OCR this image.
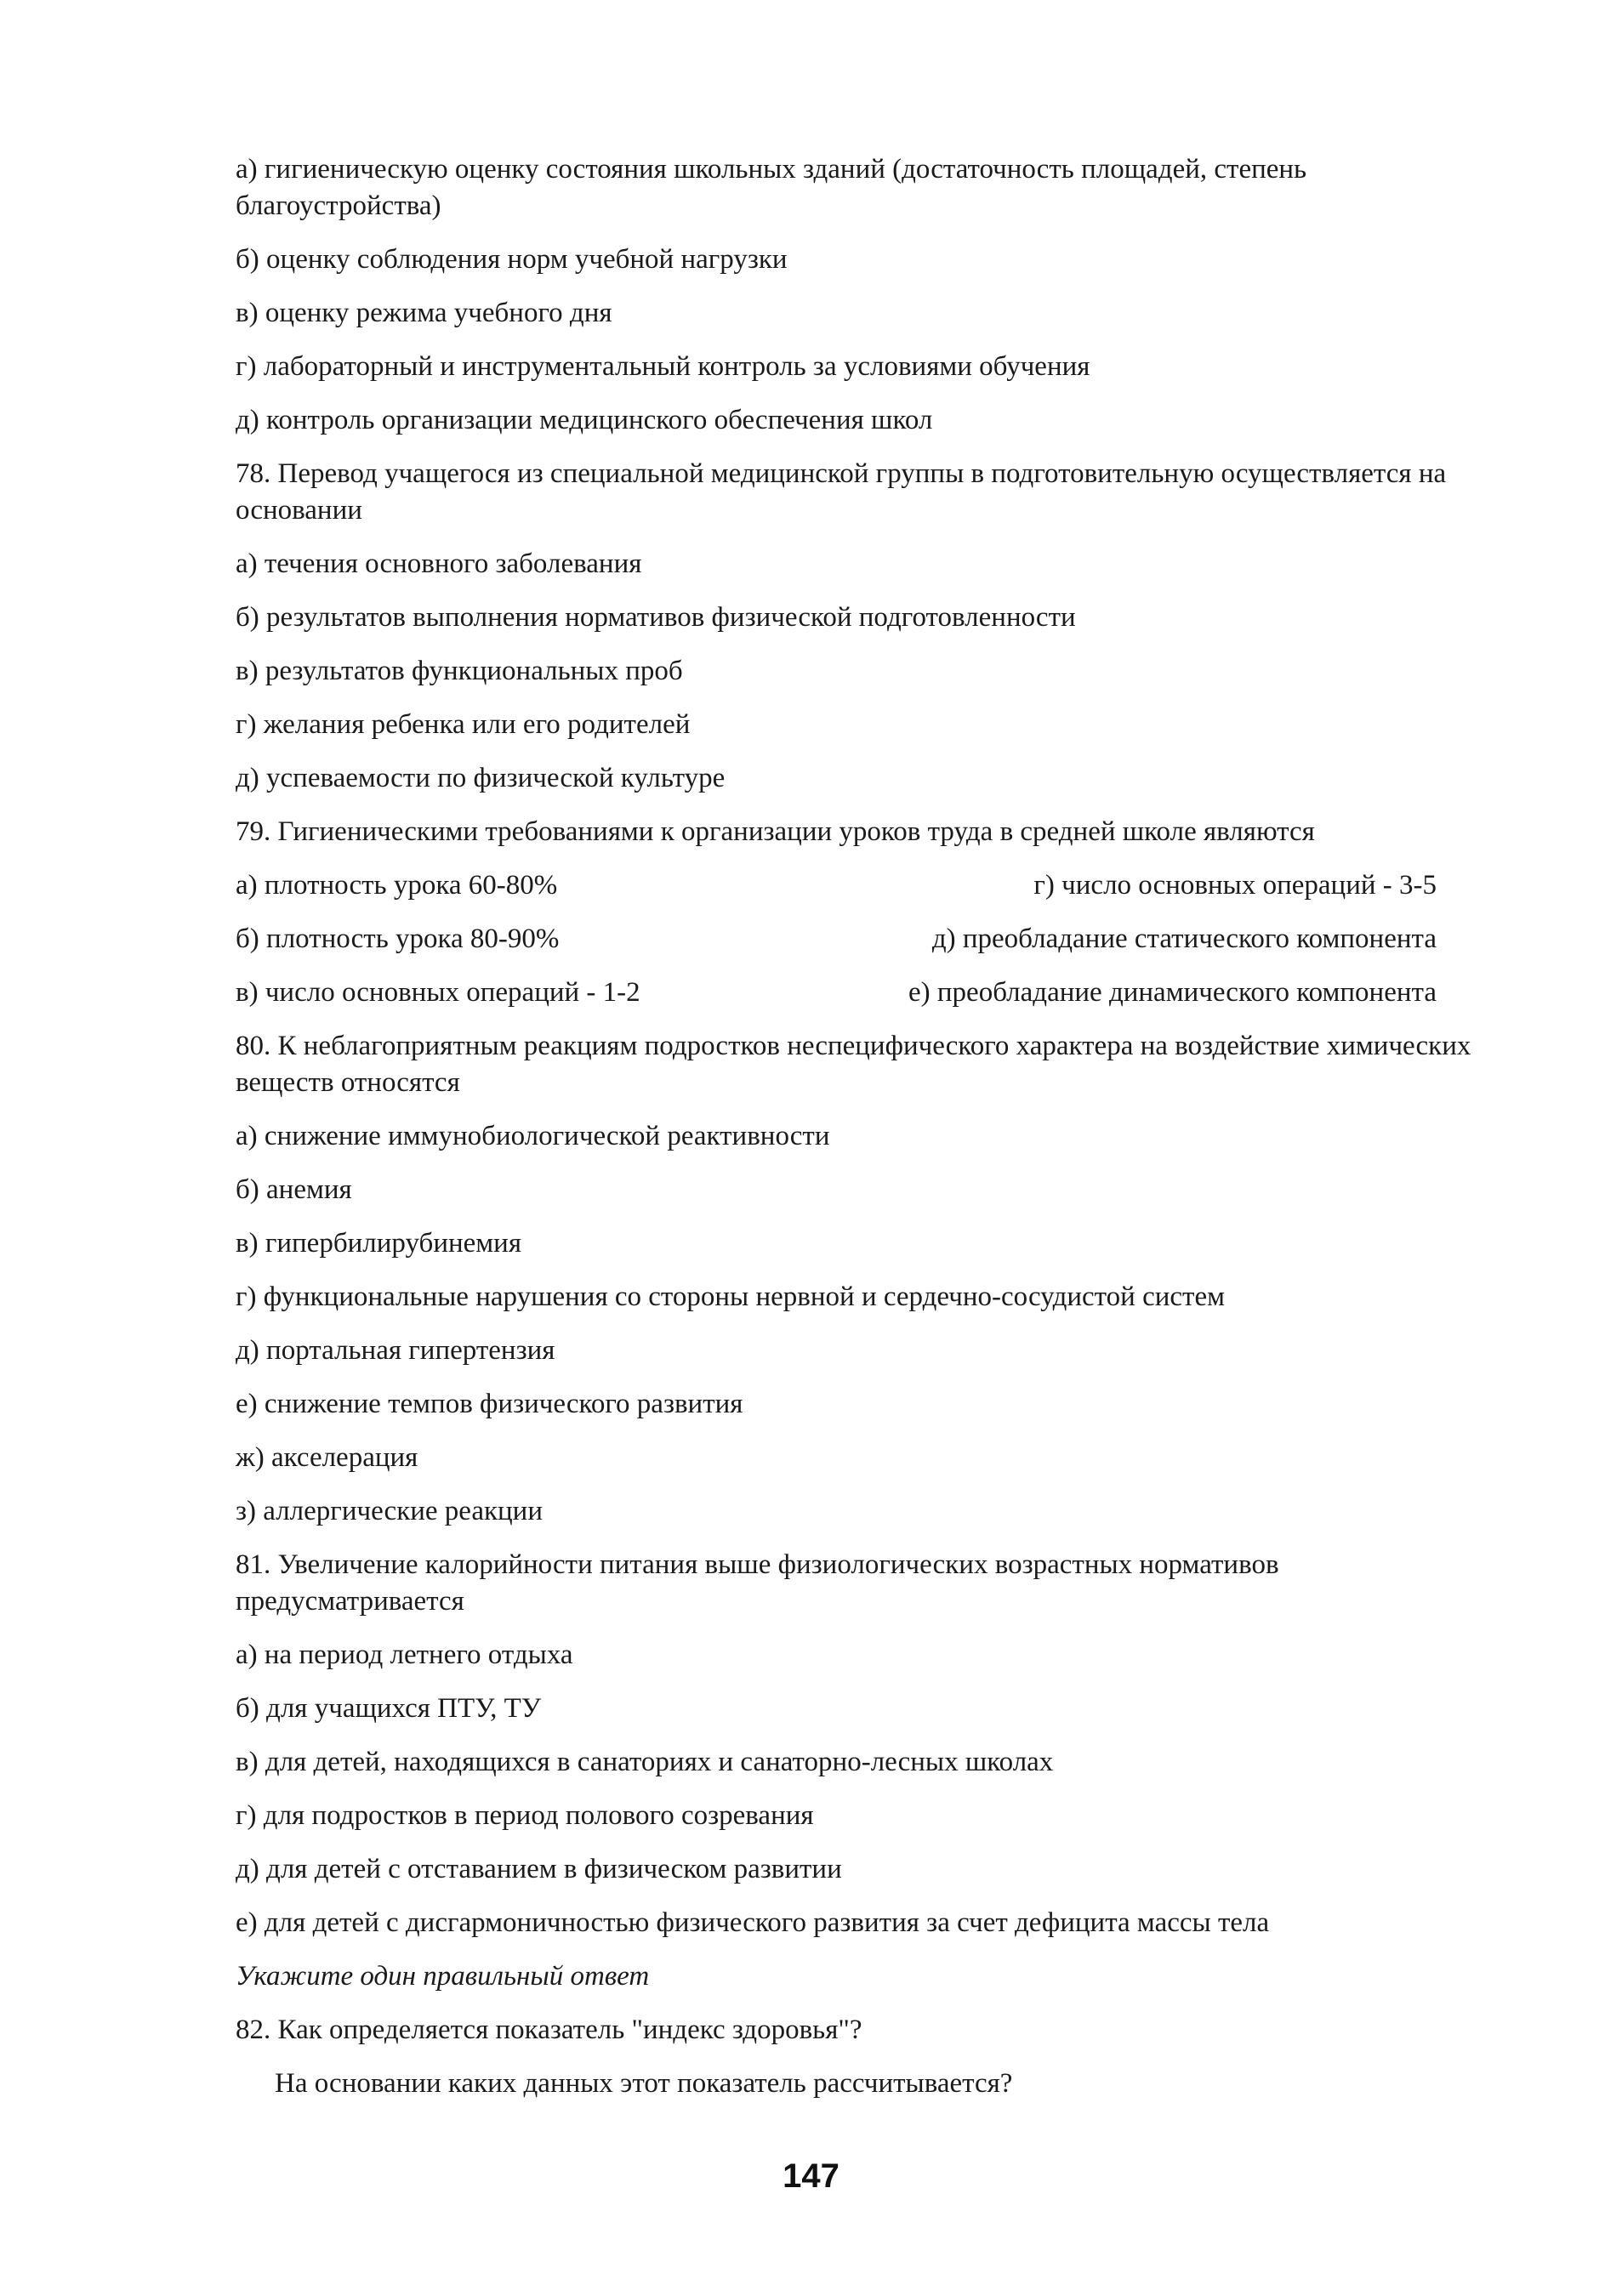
а) гигиеническую оценку состояния школьных зданий (достаточность площадей, степень благоустройства)
б) оценку соблюдения норм учебной нагрузки
в) оценку режима учебного дня
г) лабораторный и инструментальный контроль за условиями обучения
д) контроль организации медицинского обеспечения школ
78. Перевод учащегося из специальной медицинской группы в подготовительную осуществляется на основании
а) течения основного заболевания
б) результатов выполнения нормативов физической подготовленности
в) результатов функциональных проб
г) желания ребенка или его родителей
д) успеваемости по физической культуре
79. Гигиеническими требованиями к организации уроков труда в средней школе являются
а) плотность урока 60-80%	г) число основных операций - 3-5
б) плотность урока 80-90%	д) преобладание статического компонента
в) число основных операций - 1-2	е) преобладание динамического компонента
80. К неблагоприятным реакциям подростков неспецифического характера на воздействие химических веществ относятся
а) снижение иммунобиологической реактивности
б) анемия
в) гипербилирубинемия
г) функциональные нарушения со стороны нервной и сердечно-сосудистой систем
д) портальная гипертензия
е) снижение темпов физического развития
ж) акселерация
з) аллергические реакции
81. Увеличение калорийности питания выше физиологических возрастных нормативов предусматривается
а) на период летнего отдыха
б) для учащихся ПТУ, ТУ
в) для детей, находящихся в санаториях и санаторно-лесных школах
г) для подростков в период полового созревания
д) для детей с отставанием в физическом развитии
е) для детей с дисгармоничностью физического развития за счет дефицита массы тела
Укажите один правильный ответ
82. Как определяется показатель "индекс здоровья"?
На основании каких данных этот показатель рассчитывается?
147
